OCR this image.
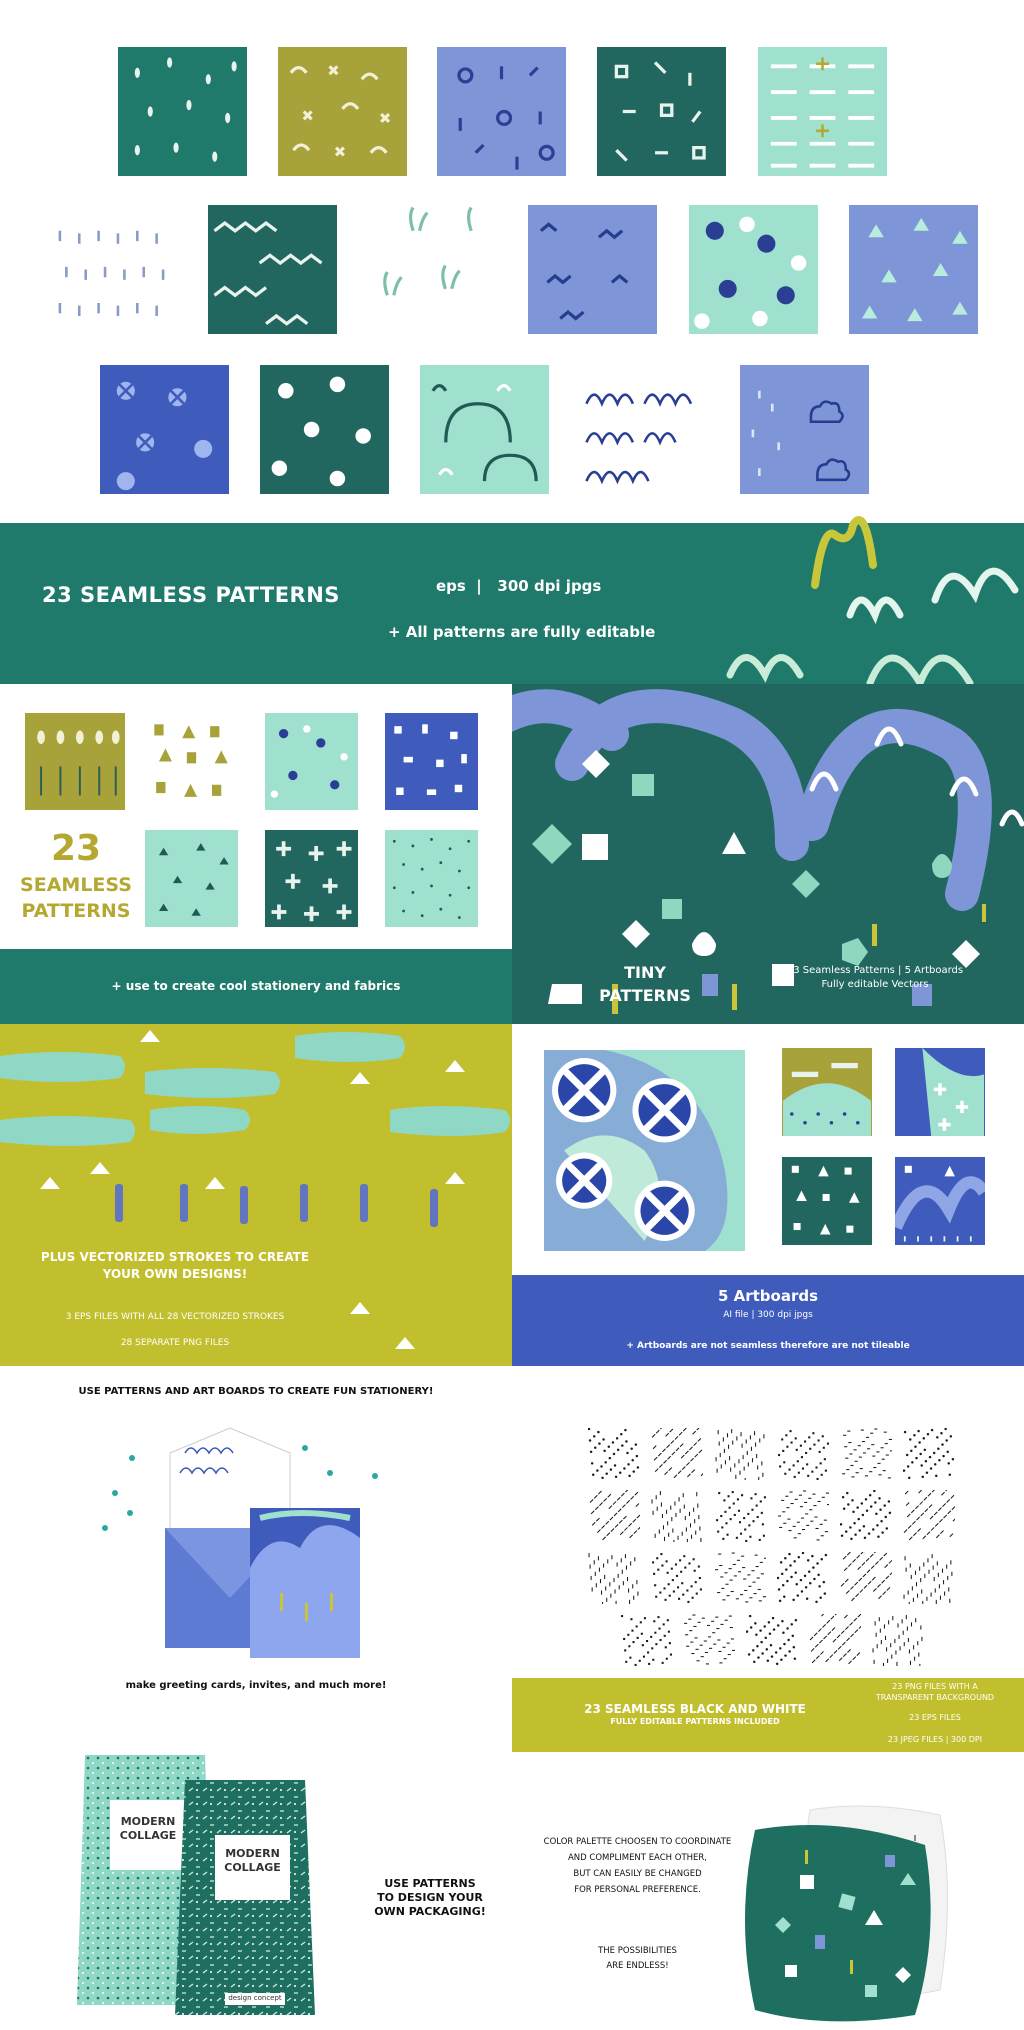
23 SEAMLESS PATTERNS	eps  |   300 dpi jpgs
+ All patterns are fully editable
23
SEAMLESS
PATTERNS
+ use to create cool stationery and fabrics
TINY
PATTERNS
23 Seamless Patterns | 5 Artboards
Fully editable Vectors
PLUS VECTORIZED STROKES TO CREATE
YOUR OWN DESIGNS!
3 EPS FILES WITH ALL 28 VECTORIZED STROKES
28 SEPARATE PNG FILES
5 Artboards
AI file | 300 dpi jpgs
+ Artboards are not seamless therefore are not tileable
USE PATTERNS AND ART BOARDS TO CREATE FUN STATIONERY!
make greeting cards, invites, and much more!
23 SEAMLESS BLACK AND WHITE
FULLY EDITABLE PATTERNS INCLUDED
23 PNG FILES WITH A
TRANSPARENT BACKGROUND
23 EPS FILES
23 JPEG FILES | 300 DPI
MODERN
COLLAGE
MODERN
COLLAGE
design concept
USE PATTERNS
TO DESIGN YOUR
OWN PACKAGING!
COLOR PALETTE CHOOSEN TO COORDINATE
AND COMPLIMENT EACH OTHER,
BUT CAN EASILY BE CHANGED
FOR PERSONAL PREFERENCE.
THE POSSIBILITIES
ARE ENDLESS!
